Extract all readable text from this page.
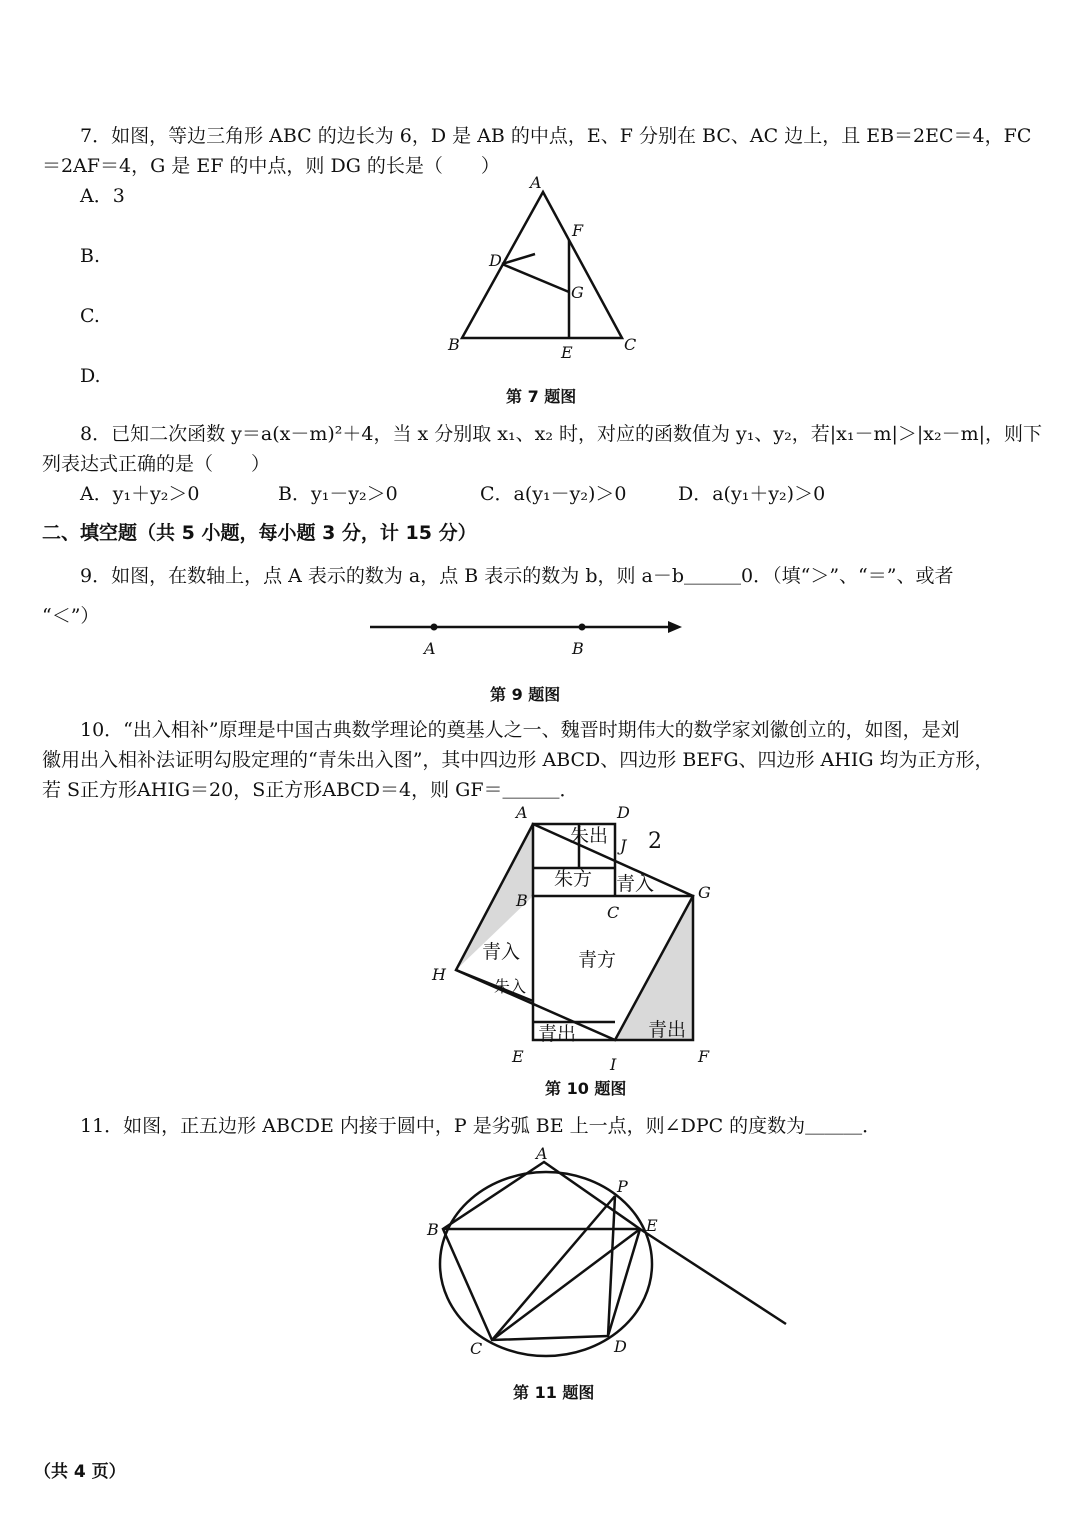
7．如图，等边三角形 ABC 的边长为 6，D 是 AB 的中点，E、F 分别在 BC、AC 边上，且 EB＝2EC＝4，FC
＝2AF＝4，G 是 EF 的中点，则 DG 的长是（　　）
A．3
B.
C.
D.
A
B	C
D
E
F
G
第 7 题图
8．已知二次函数 y＝a(x－m)²＋4，当 x 分别取 x₁、x₂ 时，对应的函数值为 y₁、y₂，若|x₁－m|＞|x₂－m|，则下
列表达式正确的是（　　）
A．y₁＋y₂＞0	B．y₁－y₂＞0	C．a(y₁－y₂)＞0	D．a(y₁＋y₂)＞0
二、填空题（共 5 小题，每小题 3 分，计 15 分）
9．如图，在数轴上，点 A 表示的数为 a，点 B 表示的数为 b，则 a－b＿＿＿0．（填“＞”、“＝”、或者
“＜”）
A	B
第 9 题图
10．“出入相补”原理是中国古典数学理论的奠基人之一、魏晋时期伟大的数学家刘徽创立的，如图，是刘
徽用出入相补法证明勾股定理的“青朱出入图”，其中四边形 ABCD、四边形 BEFG、四边形 AHIG 均为正方形，
若 S正方形AHIG＝20，S正方形ABCD＝4，则 GF＝＿＿＿．
A	D
J
B
C
G
H
E	I	F
朱出
朱方 青入
青入	青方
朱入
青出	青出
2
第 10 题图
11．如图，正五边形 ABCDE 内接于圆中，P 是劣弧 BE 上一点，则∠DPC 的度数为＿＿＿．
A
P
B	E
C	D
第 11 题图
（共 4 页）
